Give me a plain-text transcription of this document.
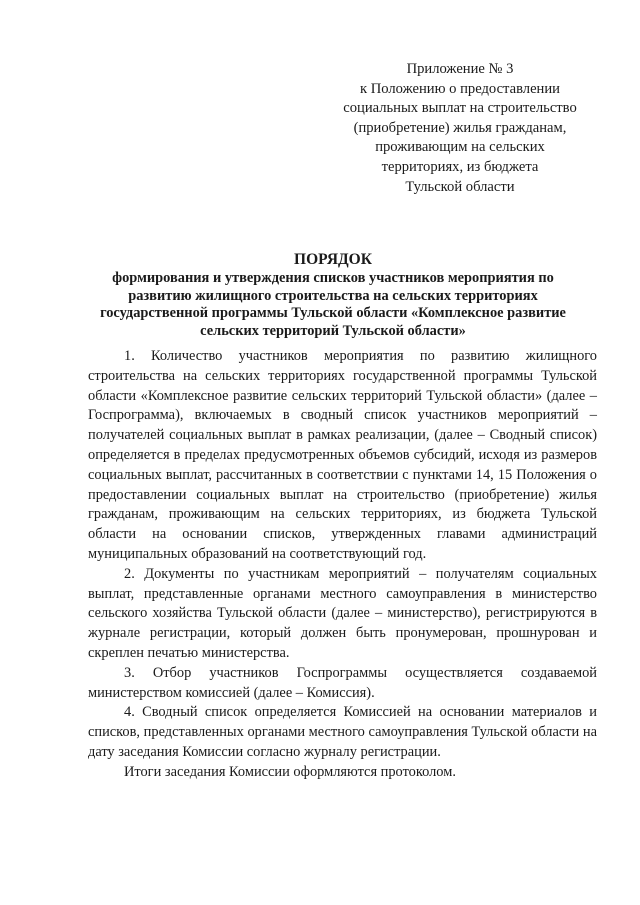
Приложение № 3
к Положению о предоставлении
социальных выплат на строительство
(приобретение) жилья гражданам,
проживающим на сельских
территориях, из бюджета
Тульской области
ПОРЯДОК
формирования и утверждения списков участников мероприятия по
развитию жилищного строительства на сельских территориях
государственной программы Тульской области «Комплексное развитие
сельских территорий Тульской области»

1. Количество участников мероприятия по развитию жилищного строительства на сельских территориях государственной программы Тульской области «Комплексное развитие сельских территорий Тульской области» (далее – Госпрограмма), включаемых в сводный список участников мероприятий – получателей социальных выплат в рамках реализации, (далее – Сводный список) определяется в пределах предусмотренных объемов субсидий, исходя из размеров социальных выплат, рассчитанных в соответствии с пунктами 14, 15 Положения о предоставлении социальных выплат на строительство (приобретение) жилья гражданам, проживающим на сельских территориях, из бюджета Тульской области на основании списков, утвержденных главами администраций муниципальных образований на соответствующий год.

2. Документы по участникам мероприятий – получателям социальных выплат, представленные органами местного самоуправления в министерство сельского хозяйства Тульской области (далее – министерство), регистрируются в журнале регистрации, который должен быть пронумерован, прошнурован и скреплен печатью министерства.

3. Отбор участников Госпрограммы осуществляется создаваемой министерством комиссией (далее – Комиссия).

4. Сводный список определяется Комиссией на основании материалов и списков, представленных органами местного самоуправления Тульской области на дату заседания Комиссии согласно журналу регистрации.

Итоги заседания Комиссии оформляются протоколом.
